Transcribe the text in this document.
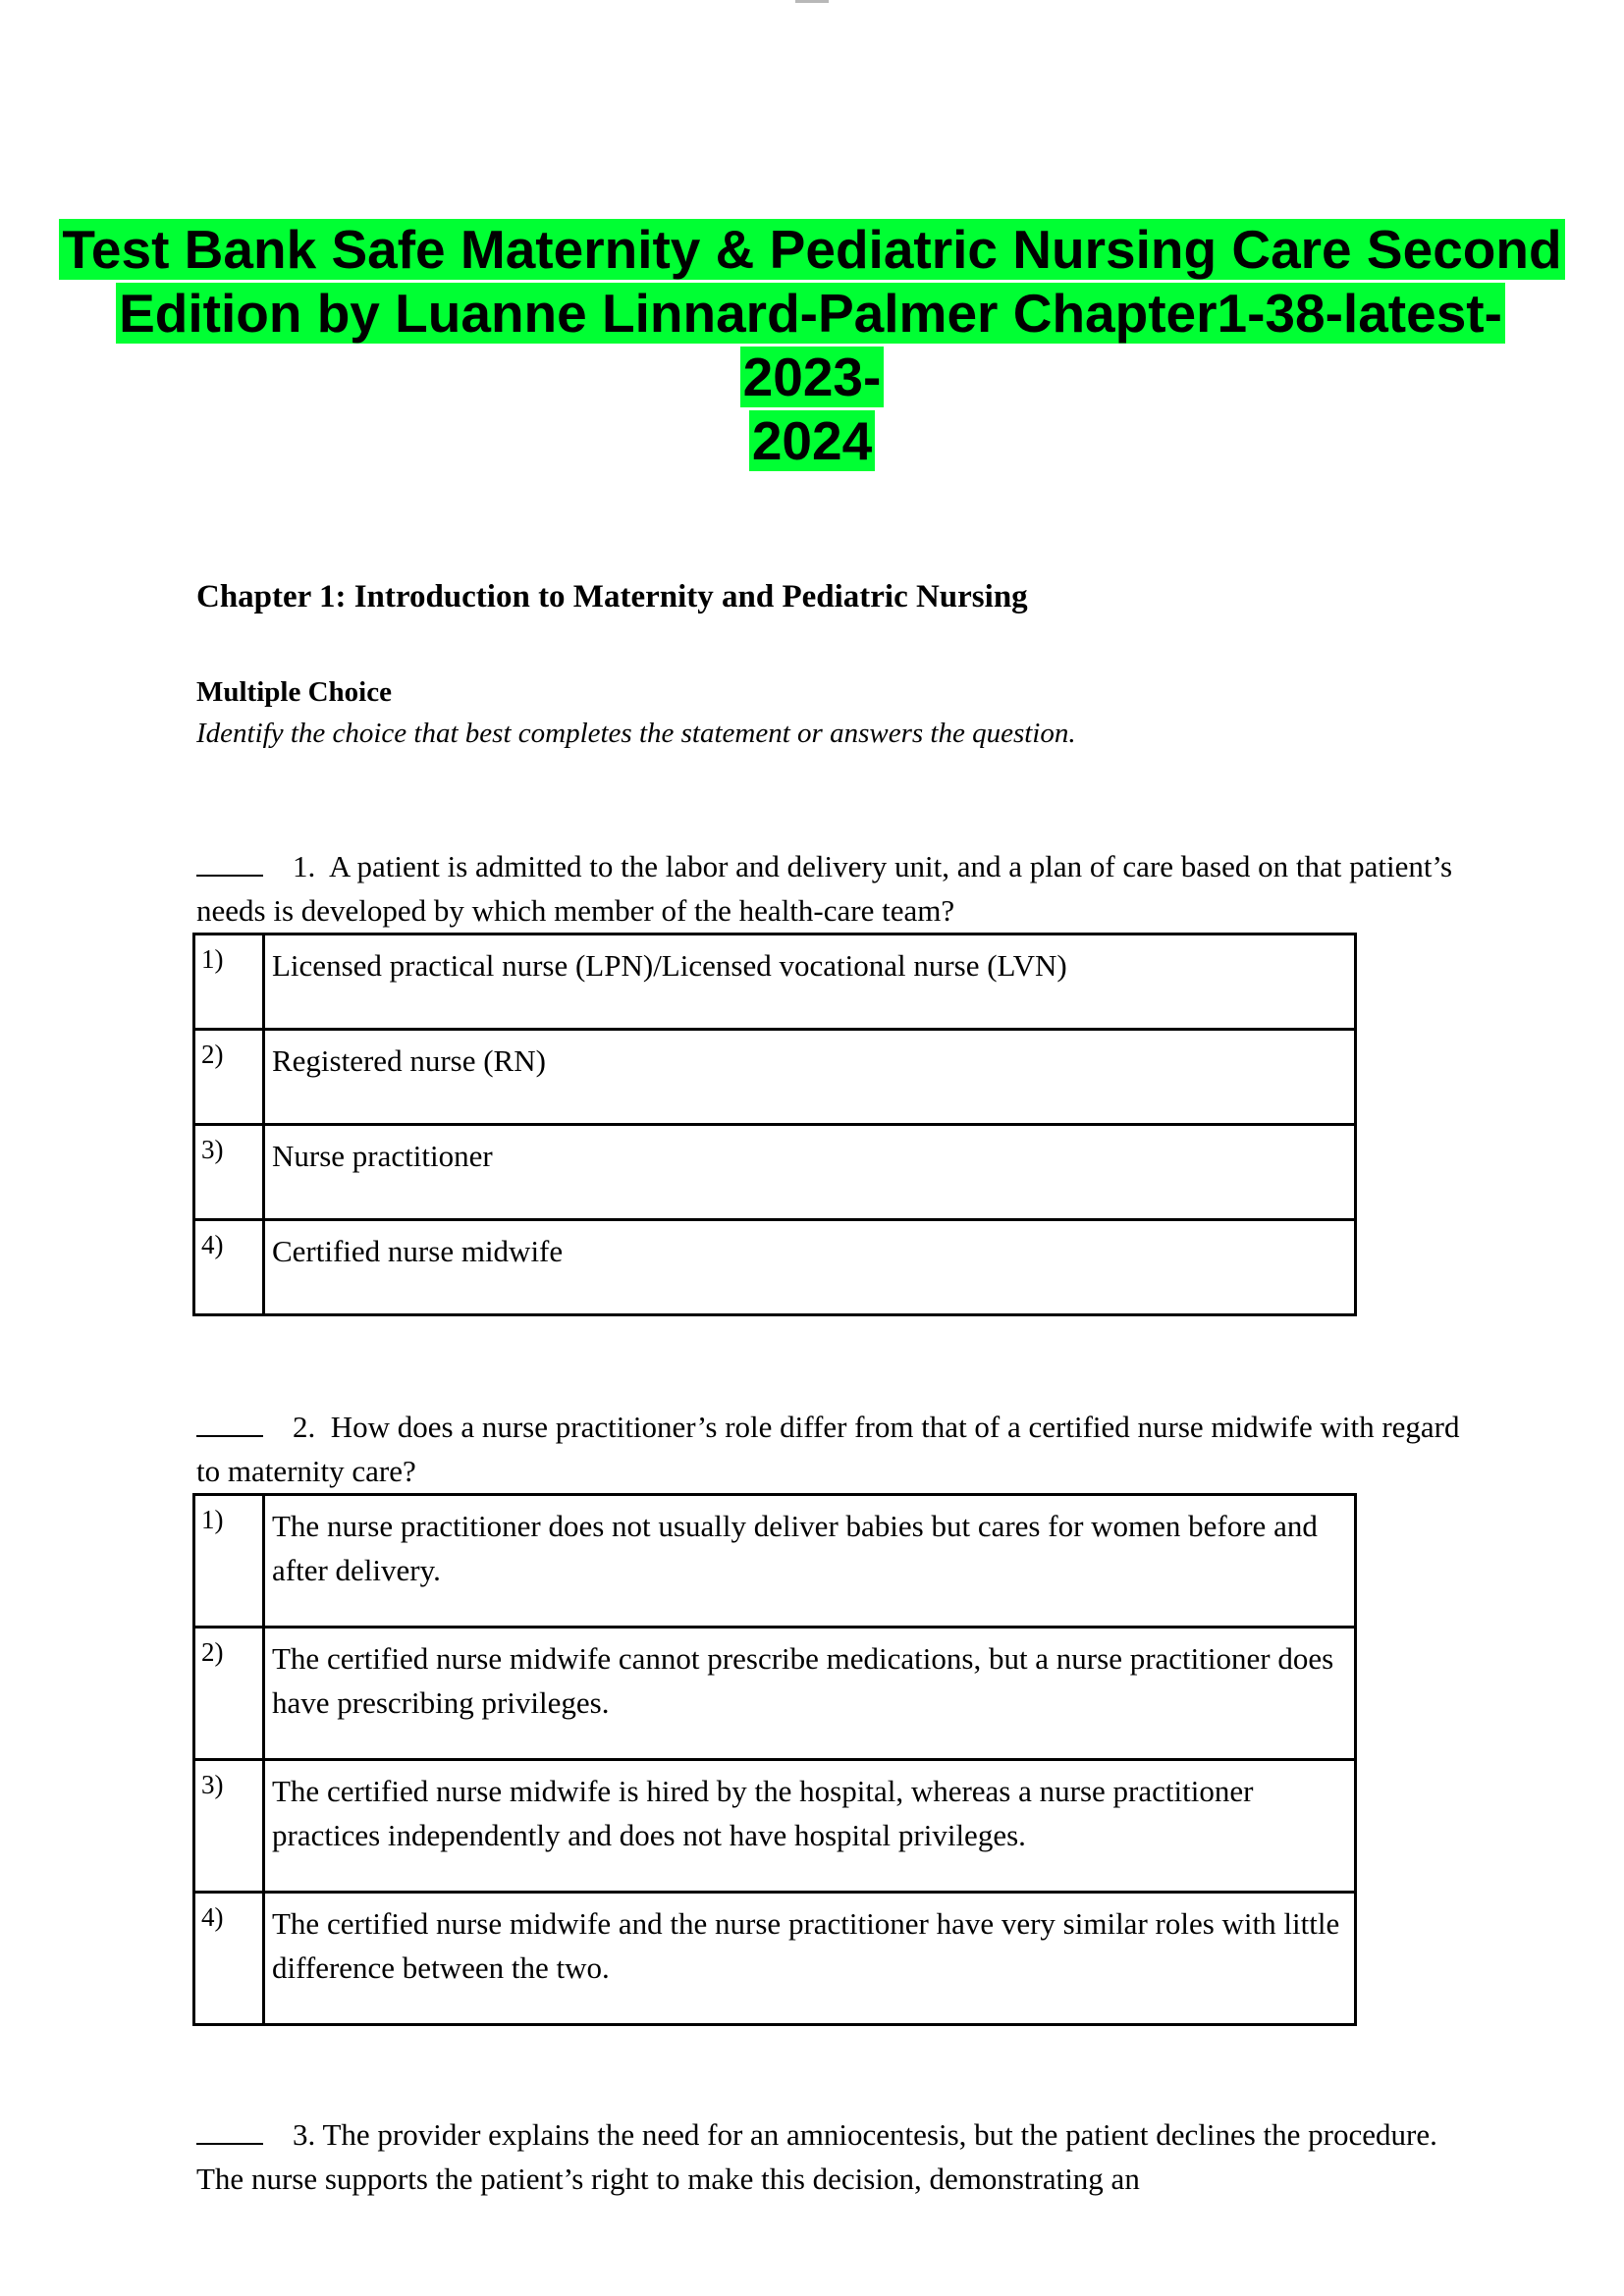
Test Bank Safe Maternity & Pediatric Nursing Care Second
Edition by Luanne Linnard-Palmer Chapter1-38-latest-2023-
2024
Chapter 1: Introduction to Maternity and Pediatric Nursing
Multiple Choice

Identify the choice that best completes the statement or answers the question.

1. A patient is admitted to the labor and delivery unit, and a plan of care based on that patient’s needs is developed by which member of the health-care team?

1)	Licensed practical nurse (LPN)/Licensed vocational nurse (LVN)
2)	Registered nurse (RN)
3)	Nurse practitioner
4)	Certified nurse midwife

2. How does a nurse practitioner’s role differ from that of a certified nurse midwife with regard to maternity care?

1)	The nurse practitioner does not usually deliver babies but cares for women before and after delivery.
2)	The certified nurse midwife cannot prescribe medications, but a nurse practitioner does have prescribing privileges.
3)	The certified nurse midwife is hired by the hospital, whereas a nurse practitioner practices independently and does not have hospital privileges.
4)	The certified nurse midwife and the nurse practitioner have very similar roles with little difference between the two.

3. The provider explains the need for an amniocentesis, but the patient declines the procedure. The nurse supports the patient’s right to make this decision, demonstrating an
